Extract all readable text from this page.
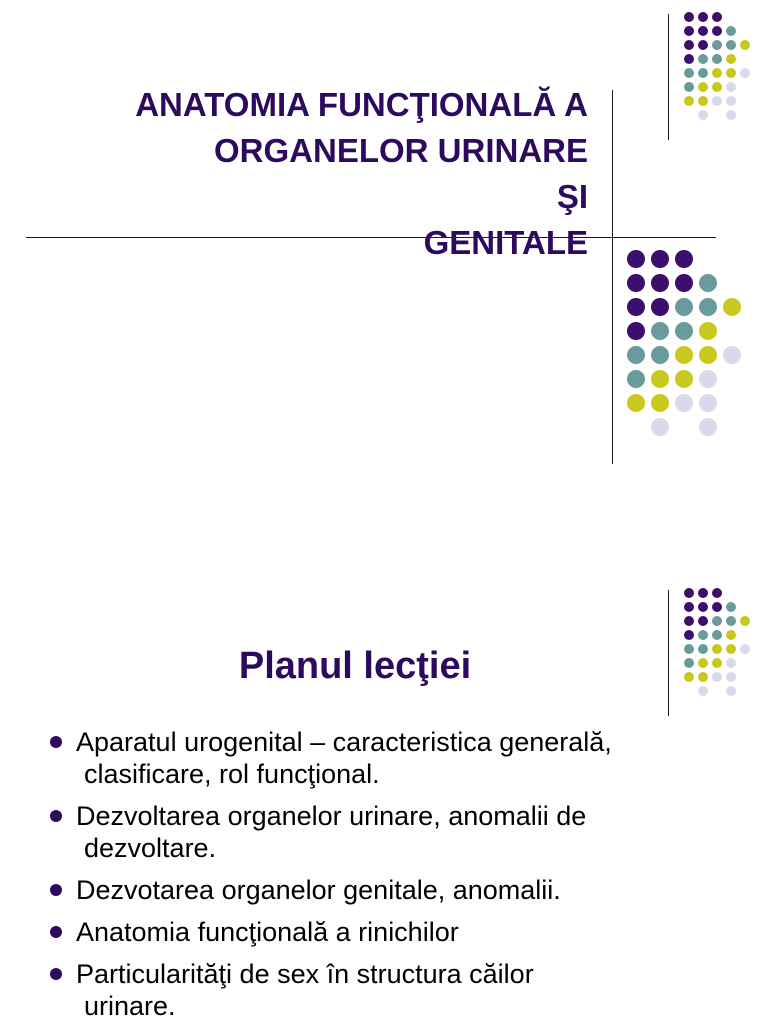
ANATOMIA FUNCŢIONALĂ A
ORGANELOR URINARE
ŞI
GENITALE
Planul lecţiei
Aparatul urogenital – caracteristica generală,
clasificare, rol funcţional.
Dezvoltarea organelor urinare, anomalii de
dezvoltare.
Dezvotarea organelor genitale, anomalii.
Anatomia funcţională a rinichilor
Particularităţi de sex în structura căilor
urinare.
